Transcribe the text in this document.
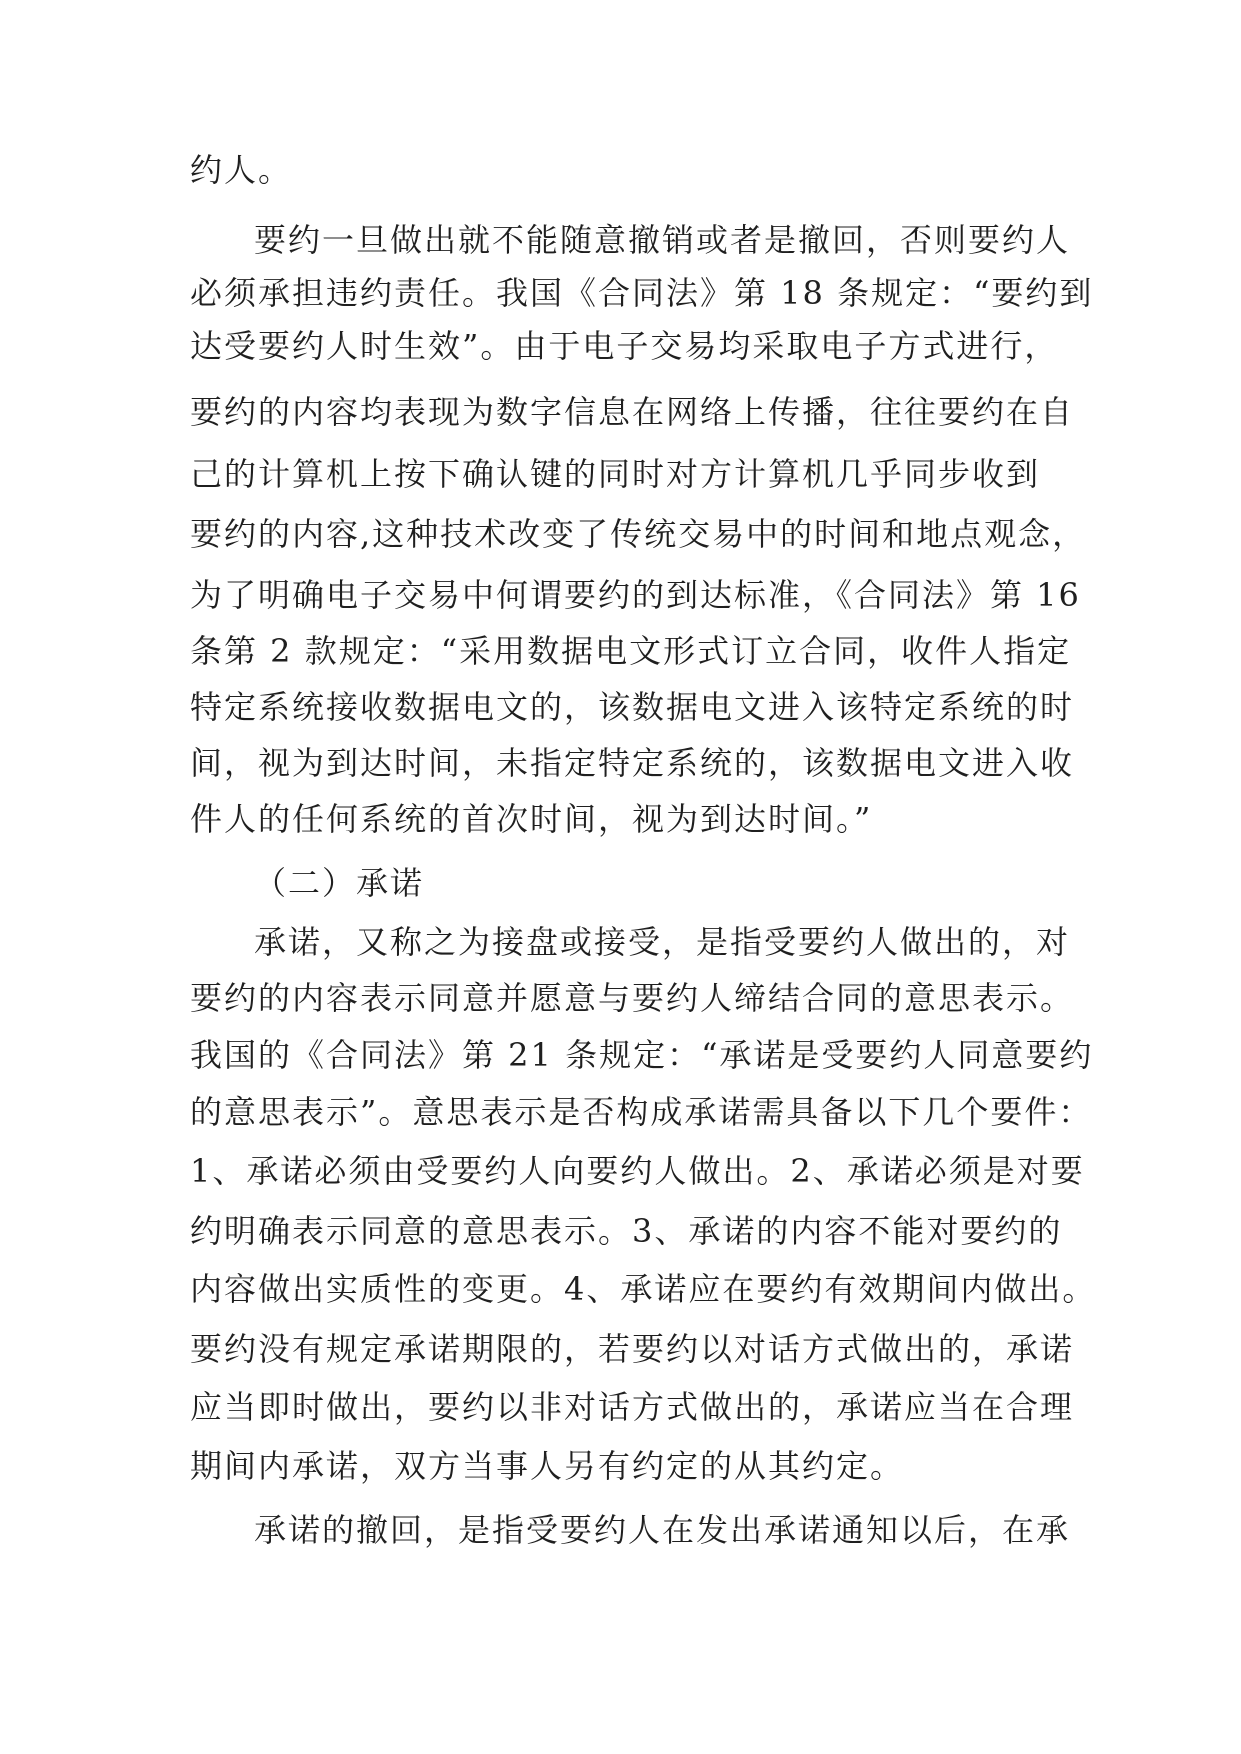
约人。
要约一旦做出就不能随意撤销或者是撤回，否则要约人
必须承担违约责任。我国《合同法》第 18 条规定：“要约到
达受要约人时生效”。由于电子交易均采取电子方式进行，
要约的内容均表现为数字信息在网络上传播，往往要约在自
己的计算机上按下确认键的同时对方计算机几乎同步收到
要约的内容,这种技术改变了传统交易中的时间和地点观念，
为了明确电子交易中何谓要约的到达标准，《合同法》第 16
条第 2 款规定：“采用数据电文形式订立合同，收件人指定
特定系统接收数据电文的，该数据电文进入该特定系统的时
间，视为到达时间，未指定特定系统的，该数据电文进入收
件人的任何系统的首次时间，视为到达时间。”
（二）承诺
承诺，又称之为接盘或接受，是指受要约人做出的，对
要约的内容表示同意并愿意与要约人缔结合同的意思表示。
我国的《合同法》第 21 条规定：“承诺是受要约人同意要约
的意思表示”。意思表示是否构成承诺需具备以下几个要件：
1、承诺必须由受要约人向要约人做出。2、承诺必须是对要
约明确表示同意的意思表示。3、承诺的内容不能对要约的
内容做出实质性的变更。4、承诺应在要约有效期间内做出。
要约没有规定承诺期限的，若要约以对话方式做出的，承诺
应当即时做出，要约以非对话方式做出的，承诺应当在合理
期间内承诺，双方当事人另有约定的从其约定。
承诺的撤回，是指受要约人在发出承诺通知以后，在承
